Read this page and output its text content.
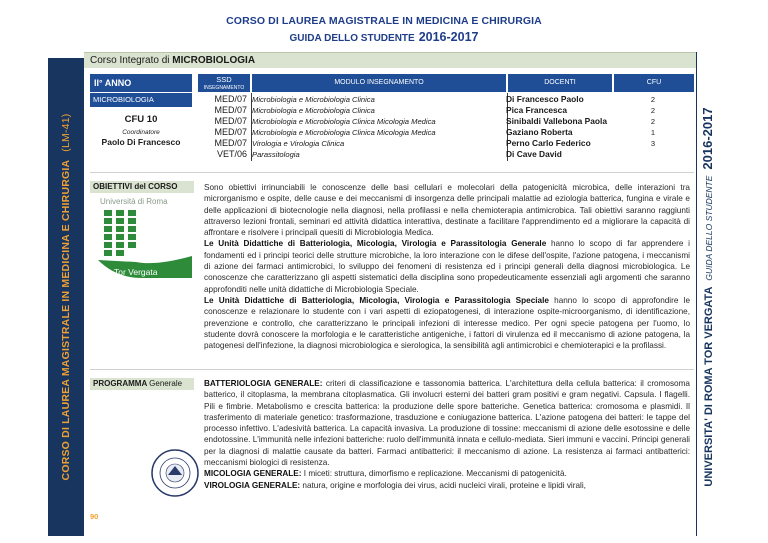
CORSO DI LAUREA MAGISTRALE IN MEDICINA E CHIRURGIA
GUIDA DELLO STUDENTE 2016-2017
CORSO DI LAUREA MAGISTRALE IN MEDICINA E CHIRURGIA(LM-41)
UNIVERSITA' DI ROMA TOR VERGATAGUIDA DELLO STUDENTE2016-2017
Corso Integrato di MICROBIOLOGIA
II° ANNO
MICROBIOLOGIA
CFU 10
Coordinatore
Paolo Di Francesco
SSD
INSEGNAMENTO
MODULO INSEGNAMENTO	DOCENTI	CFU
MED/07 Microbiologia e Microbiologia Clinica	Di Francesco Paolo	2
MED/07 Microbiologia e Microbiologia Clinica	Pica Francesca	2
MED/07 Microbiologia e Microbiologia Clinica Micologia Medica	Sinibaldi Vallebona Paola	2
MED/07 Microbiologia e Microbiologia Clinica Micologia Medica	Gaziano Roberta	1
MED/07 Virologia e Virologia Clinica	Perno Carlo Federico	3
VET/06 Parassitologia	Di Cave David
OBIETTIVI del CORSO
Università di Roma
Tor Vergata
Sono obiettivi irrinunciabili le conoscenze delle basi cellulari e molecolari della patogenicità microbica, delle interazioni tra microrganismo e ospite, delle cause e dei meccanismi di insorgenza delle principali malattie ad eziologia batterica, fungina e virale e delle applicazioni di biotecnologie nella diagnosi, nella profilassi e nella chemioterapia antimicrobica. Tali obiettivi saranno raggiunti attraverso lezioni frontali, seminari ed attività didattica interattiva, destinate a facilitare l'apprendimento ed a migliorare la capacità di affrontare e risolvere i principali quesiti di Microbiologia Medica.
Le Unità Didattiche di Batteriologia, Micologia, Virologia e Parassitologia Generale hanno lo scopo di far apprendere i fondamenti ed i principi teorici delle strutture microbiche, la loro interazione con le difese dell'ospite, l'azione patogena, i meccanismi di azione dei farmaci antimicrobici, lo sviluppo dei fenomeni di resistenza ed i principi generali della diagnosi microbiologica. Le conoscenze che caratterizzano gli aspetti sistematici della disciplina sono propedeuticamente essenziali agli argomenti che saranno approfonditi nelle unità didattiche di Microbiologia Speciale.
Le Unità Didattiche di Batteriologia, Micologia, Virologia e Parassitologia Speciale hanno lo scopo di approfondire le conoscenze e relazionare lo studente con i vari aspetti di eziopatogenesi, di interazione ospite-microorganismo, di identificazione, prevenzione e controllo, che caratterizzano le principali infezioni di interesse medico. Per ogni specie patogena per l'uomo, lo studente dovrà conoscere la morfologia e le caratteristiche antigeniche, i fattori di virulenza ed il meccanismo di azione patogena, la patogenesi dell'infezione, la diagnosi microbiologica e sierologica, la sensibilità agli antimicrobici e chemioterapici e la profilassi.
PROGRAMMA Generale	BATTERIOLOGIA GENERALE: criteri di classificazione e tassonomia batterica. L'architettura della cellula batterica: il cromosoma batterico, il citoplasma, la membrana citoplasmatica. Gli involucri esterni dei batteri gram positivi e gram negativi. Capsula. I flagelli. Pili e fimbrie. Metabolismo e crescita batterica: la produzione delle spore batteriche. Genetica batterica: cromosoma e plasmidi. Il trasferimento di materiale genetico: trasformazione, trasduzione e coniugazione batterica. L'azione patogena dei batteri: le tappe del processo infettivo. L'adesività batterica. La capacità invasiva. La produzione di tossine: meccanismi di azione delle esotossine e delle endotossine. L'immunità nelle infezioni batteriche: ruolo dell'immunità innata e cellulo-mediata. Sieri immuni e vaccini. Principi generali per la diagnosi di malattie causate da batteri. Farmaci antibatterici: il meccanismo di azione. La resistenza ai farmaci antibatterici: meccanismi biologici di resistenza.
MICOLOGIA GENERALE: I miceti: struttura, dimorfismo e replicazione. Meccanismi di patogenicità.
VIROLOGIA GENERALE: natura, origine e morfologia dei virus, acidi nucleici virali, proteine e lipidi virali,
90
